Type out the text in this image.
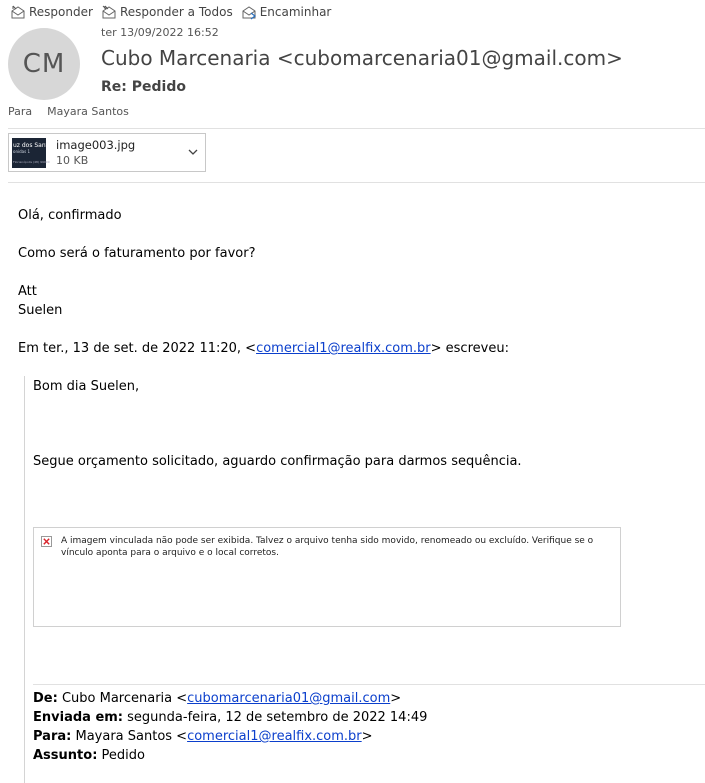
Responder Responder a Todos Encaminhar
CM
ter 13/09/2022 16:52
Cubo Marcenaria <cubomarcenaria01@gmail.com>
Re: Pedido
Para Mayara Santos
uz dos Santo
onidas 1
Florianópolis (48) 99999
image003.jpg
10 KB
Olá, confirmado
Como será o faturamento por favor?
Att
Suelen
Em ter., 13 de set. de 2022 11:20, <comercial1@realfix.com.br> escreveu:
Bom dia Suelen,
Segue orçamento solicitado, aguardo confirmação para darmos sequência.
A imagem vinculada não pode ser exibida. Talvez o arquivo tenha sido movido, renomeado ou excluído. Verifique se o vínculo aponta para o arquivo e o local corretos.
De: Cubo Marcenaria <cubomarcenaria01@gmail.com>
Enviada em: segunda-feira, 12 de setembro de 2022 14:49
Para: Mayara Santos <comercial1@realfix.com.br>
Assunto: Pedido
